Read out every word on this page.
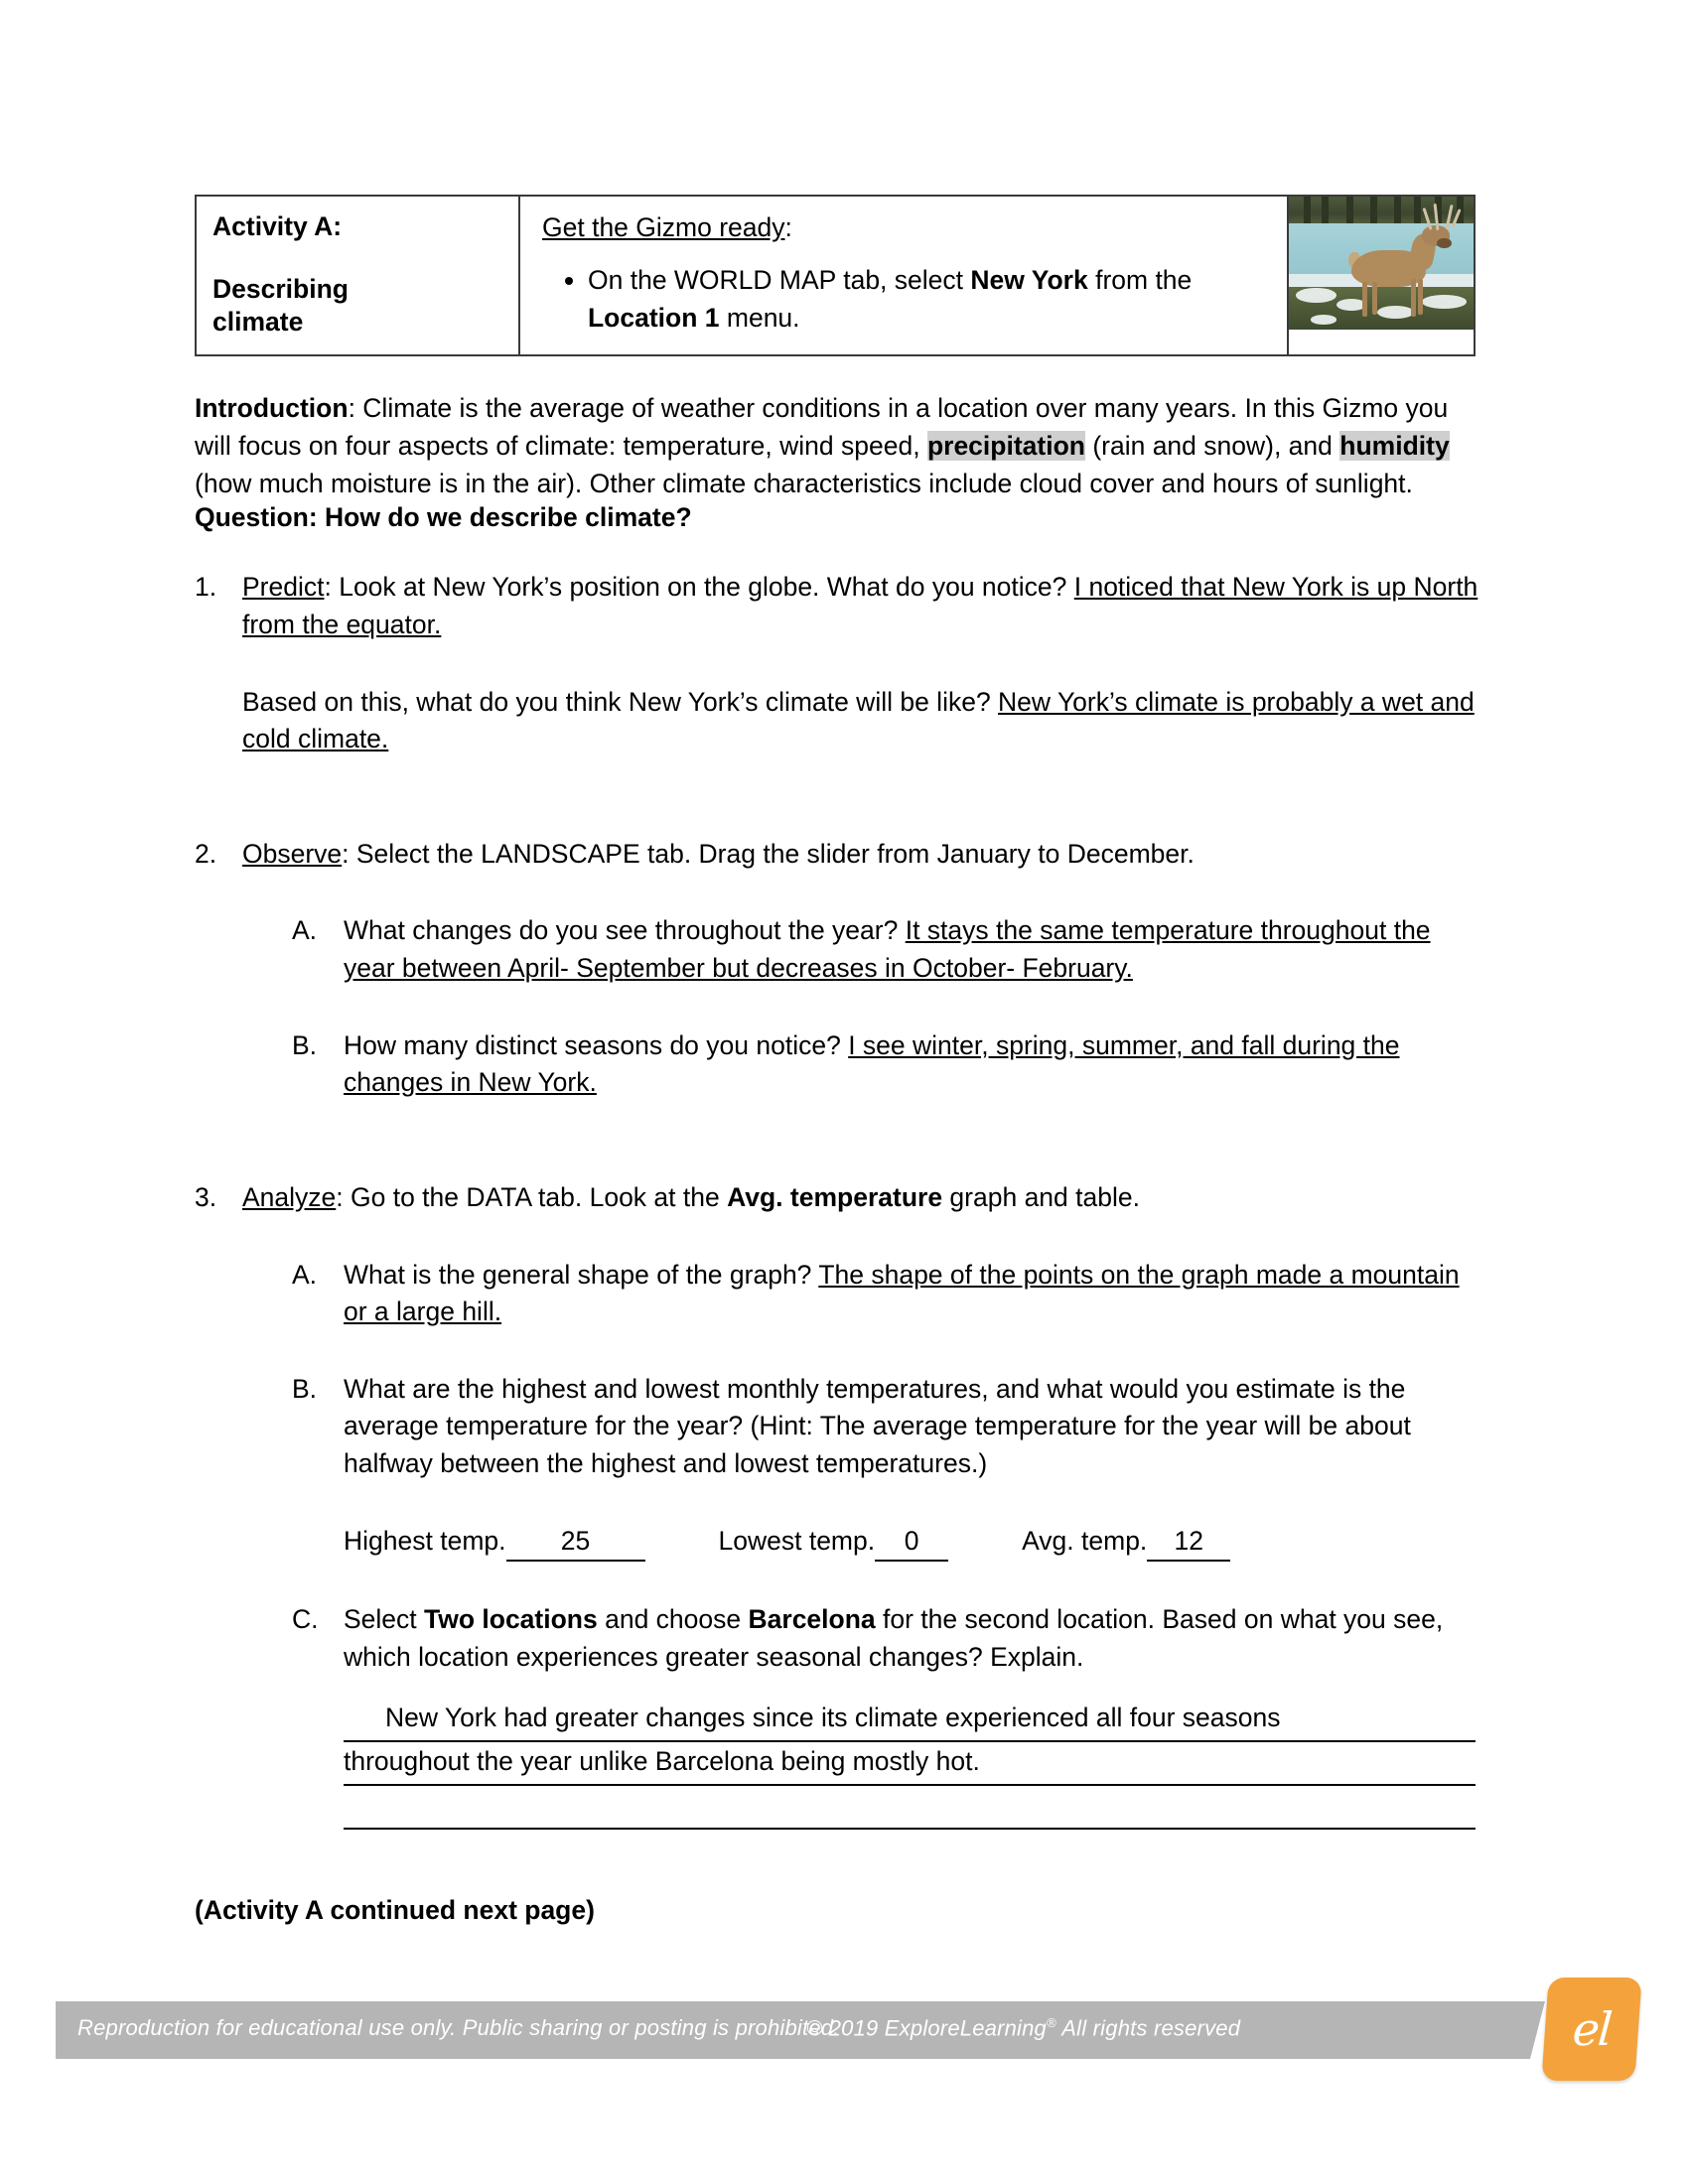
Activity A:
Describing
climate

Get the Gizmo ready:
• On the WORLD MAP tab, select New York from the Location 1 menu.

Introduction: Climate is the average of weather conditions in a location over many years. In this Gizmo you will focus on four aspects of climate: temperature, wind speed, precipitation (rain and snow), and humidity (how much moisture is in the air). Other climate characteristics include cloud cover and hours of sunlight.

Question: How do we describe climate?

1. Predict: Look at New York’s position on the globe. What do you notice? I noticed that New York is up North from the equator.
Based on this, what do you think New York’s climate will be like? New York’s climate is probably a wet and cold climate.
2. Observe: Select the LANDSCAPE tab. Drag the slider from January to December.
A.	What changes do you see throughout the year? It stays the same temperature throughout the year between April- September but decreases in October- February.
B.	How many distinct seasons do you notice? I see winter, spring, summer, and fall during the changes in New York.
3. Analyze: Go to the DATA tab. Look at the Avg. temperature graph and table.
A.	What is the general shape of the graph? The shape of the points on the graph made a mountain or a large hill.
B.	What are the highest and lowest monthly temperatures, and what would you estimate is the average temperature for the year? (Hint: The average temperature for the year will be about halfway between the highest and lowest temperatures.)
Highest temp. 25	Lowest temp. 0	Avg. temp. 12
C. Select Two locations and choose Barcelona for the second location. Based on what you see, which location experiences greater seasonal changes? Explain.
New York had greater changes since its climate experienced all four seasons
throughout the year unlike Barcelona being mostly hot.

(Activity A continued next page)

Reproduction for educational use only. Public sharing or posting is prohibited.
© 2019 ExploreLearning® All rights reserved	el
